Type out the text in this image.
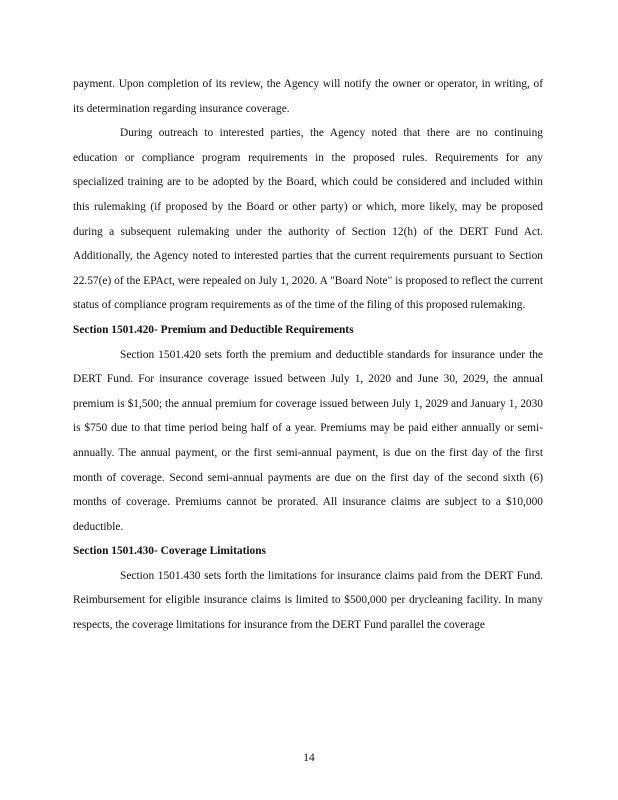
payment. Upon completion of its review, the Agency will notify the owner or operator, in writing, of its determination regarding insurance coverage.

During outreach to interested parties, the Agency noted that there are no continuing education or compliance program requirements in the proposed rules. Requirements for any specialized training are to be adopted by the Board, which could be considered and included within this rulemaking (if proposed by the Board or other party) or which, more likely, may be proposed during a subsequent rulemaking under the authority of Section 12(h) of the DERT Fund Act. Additionally, the Agency noted to interested parties that the current requirements pursuant to Section 22.57(e) of the EPAct, were repealed on July 1, 2020. A "Board Note" is proposed to reflect the current status of compliance program requirements as of the time of the filing of this proposed rulemaking.

Section 1501.420- Premium and Deductible Requirements

Section 1501.420 sets forth the premium and deductible standards for insurance under the DERT Fund. For insurance coverage issued between July 1, 2020 and June 30, 2029, the annual premium is $1,500; the annual premium for coverage issued between July 1, 2029 and January 1, 2030 is $750 due to that time period being half of a year. Premiums may be paid either annually or semi-annually. The annual payment, or the first semi-annual payment, is due on the first day of the first month of coverage. Second semi-annual payments are due on the first day of the second sixth (6) months of coverage. Premiums cannot be prorated. All insurance claims are subject to a $10,000 deductible.

Section 1501.430- Coverage Limitations

Section 1501.430 sets forth the limitations for insurance claims paid from the DERT Fund. Reimbursement for eligible insurance claims is limited to $500,000 per drycleaning facility. In many respects, the coverage limitations for insurance from the DERT Fund parallel the coverage

14
